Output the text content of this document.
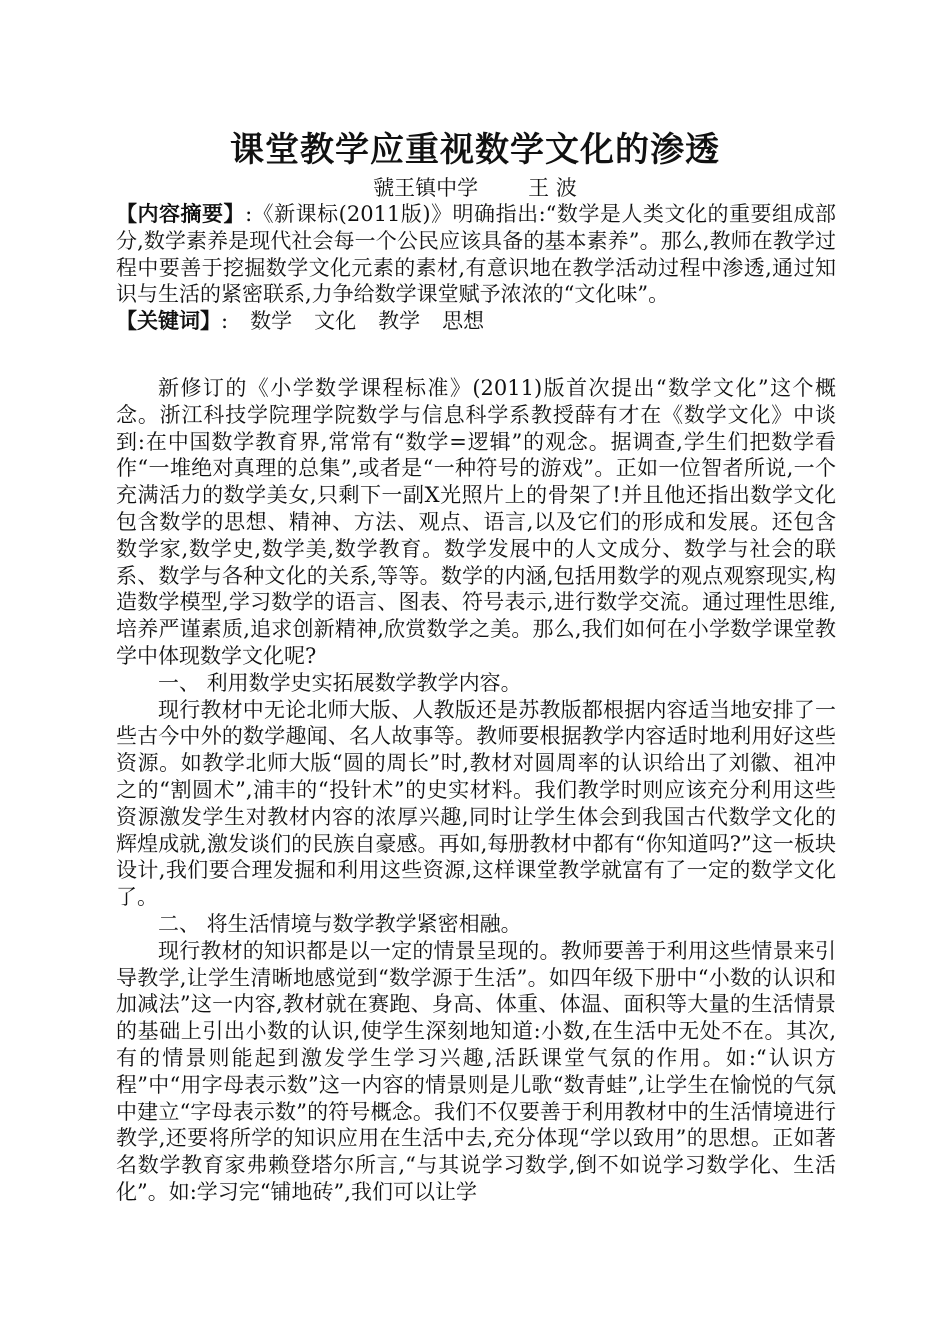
课堂教学应重视数学文化的渗透

虢王镇中学 王 波

【内容摘要】:《新课标(2011版)》明确指出:“数学是人类文化的重要组成部分,数学素养是现代社会每一个公民应该具备的基本素养”。那么,教师在教学过程中要善于挖掘数学文化元素的素材,有意识地在教学活动过程中渗透,通过知识与生活的紧密联系,力争给数学课堂赋予浓浓的“文化味”。

【关键词】: 数学 文化 教学 思想

新修订的《小学数学课程标准》(2011)版首次提出“数学文化”这个概念。浙江科技学院理学院数学与信息科学系教授薛有才在《数学文化》中谈到:在中国数学教育界,常常有“数学=逻辑”的观念。据调查,学生们把数学看作“一堆绝对真理的总集”,或者是“一种符号的游戏”。正如一位智者所说,一个充满活力的数学美女,只剩下一副X光照片上的骨架了!并且他还指出数学文化包含数学的思想、精神、方法、观点、语言,以及它们的形成和发展。还包含数学家,数学史,数学美,数学教育。数学发展中的人文成分、数学与社会的联系、数学与各种文化的关系,等等。数学的内涵,包括用数学的观点观察现实,构造数学模型,学习数学的语言、图表、符号表示,进行数学交流。通过理性思维,培养严谨素质,追求创新精神,欣赏数学之美。那么,我们如何在小学数学课堂教学中体现数学文化呢?

一、 利用数学史实拓展数学教学内容。

现行教材中无论北师大版、人教版还是苏教版都根据内容适当地安排了一些古今中外的数学趣闻、名人故事等。教师要根据教学内容适时地利用好这些资源。如教学北师大版“圆的周长”时,教材对圆周率的认识给出了刘徽、祖冲之的“割圆术”,浦丰的“投针术”的史实材料。我们教学时则应该充分利用这些资源激发学生对教材内容的浓厚兴趣,同时让学生体会到我国古代数学文化的辉煌成就,激发谈们的民族自豪感。再如,每册教材中都有“你知道吗?”这一板块设计,我们要合理发掘和利用这些资源,这样课堂教学就富有了一定的数学文化了。

二、 将生活情境与数学教学紧密相融。

现行教材的知识都是以一定的情景呈现的。教师要善于利用这些情景来引导教学,让学生清晰地感觉到“数学源于生活”。如四年级下册中“小数的认识和加减法”这一内容,教材就在赛跑、身高、体重、体温、面积等大量的生活情景的基础上引出小数的认识,使学生深刻地知道:小数,在生活中无处不在。其次,有的情景则能起到激发学生学习兴趣,活跃课堂气氛的作用。如:“认识方程”中“用字母表示数”这一内容的情景则是儿歌“数青蛙”,让学生在愉悦的气氛中建立“字母表示数”的符号概念。我们不仅要善于利用教材中的生活情境进行教学,还要将所学的知识应用在生活中去,充分体现“学以致用”的思想。正如著名数学教育家弗赖登塔尔所言,“与其说学习数学,倒不如说学习数学化、生活化”。如:学习完“铺地砖”,我们可以让学
